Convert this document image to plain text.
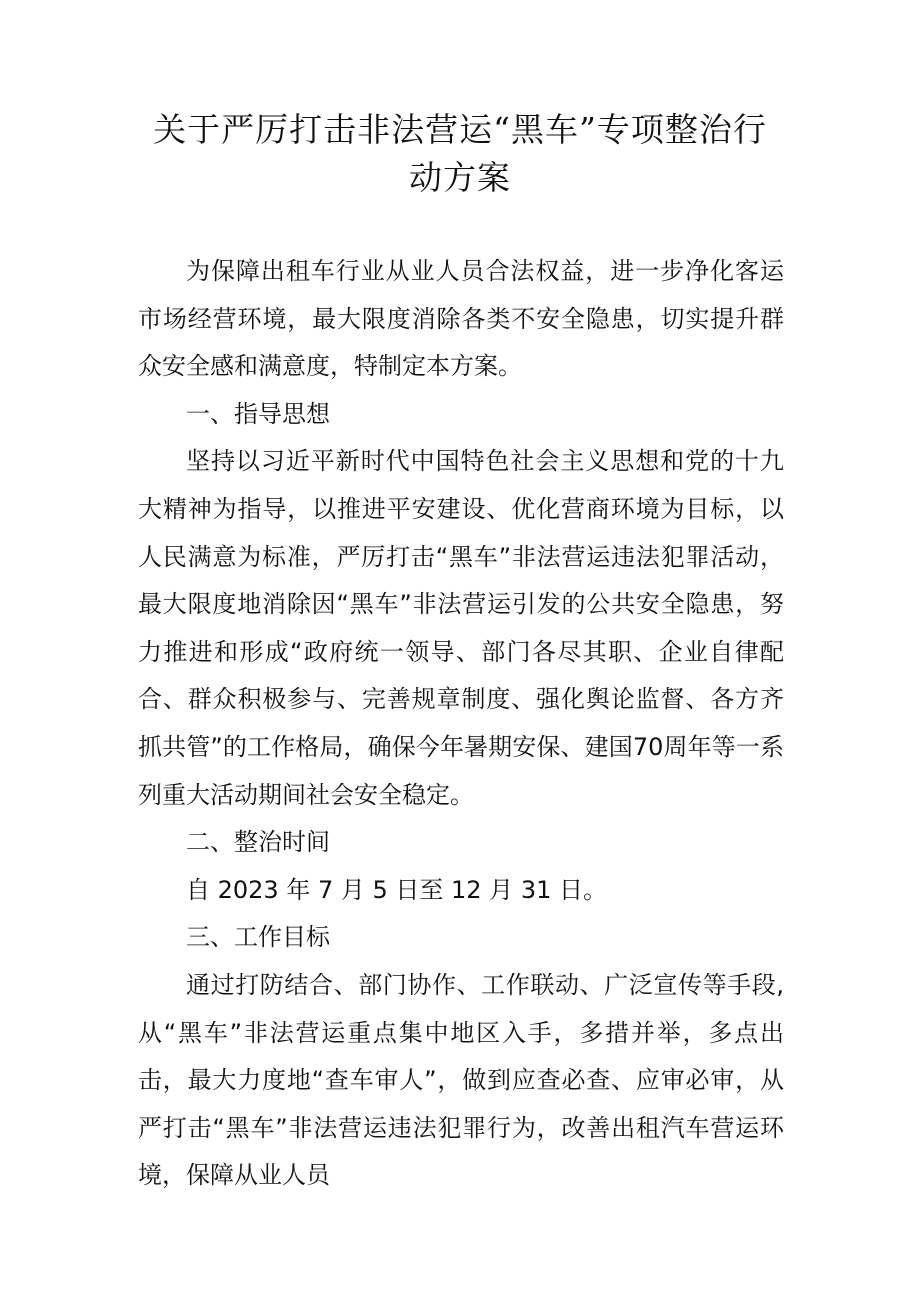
关于严厉打击非法营运“黑车”专项整治行动方案

为保障出租车行业从业人员合法权益，进一步净化客运市场经营环境，最大限度消除各类不安全隐患，切实提升群众安全感和满意度，特制定本方案。

一、指导思想

坚持以习近平新时代中国特色社会主义思想和党的十九大精神为指导，以推进平安建设、优化营商环境为目标，以人民满意为标准，严厉打击“黑车”非法营运违法犯罪活动，最大限度地消除因“黑车”非法营运引发的公共安全隐患，努力推进和形成“政府统一领导、部门各尽其职、企业自律配合、群众积极参与、完善规章制度、强化舆论监督、各方齐抓共管”的工作格局，确保今年暑期安保、建国70周年等一系列重大活动期间社会安全稳定。

二、整治时间

自 2023 年 7 月 5 日至 12 月 31 日。

三、工作目标

通过打防结合、部门协作、工作联动、广泛宣传等手段,从“黑车”非法营运重点集中地区入手，多措并举，多点出击，最大力度地“查车审人”，做到应查必查、应审必审，从严打击“黑车”非法营运违法犯罪行为，改善出租汽车营运环境，保障从业人员
